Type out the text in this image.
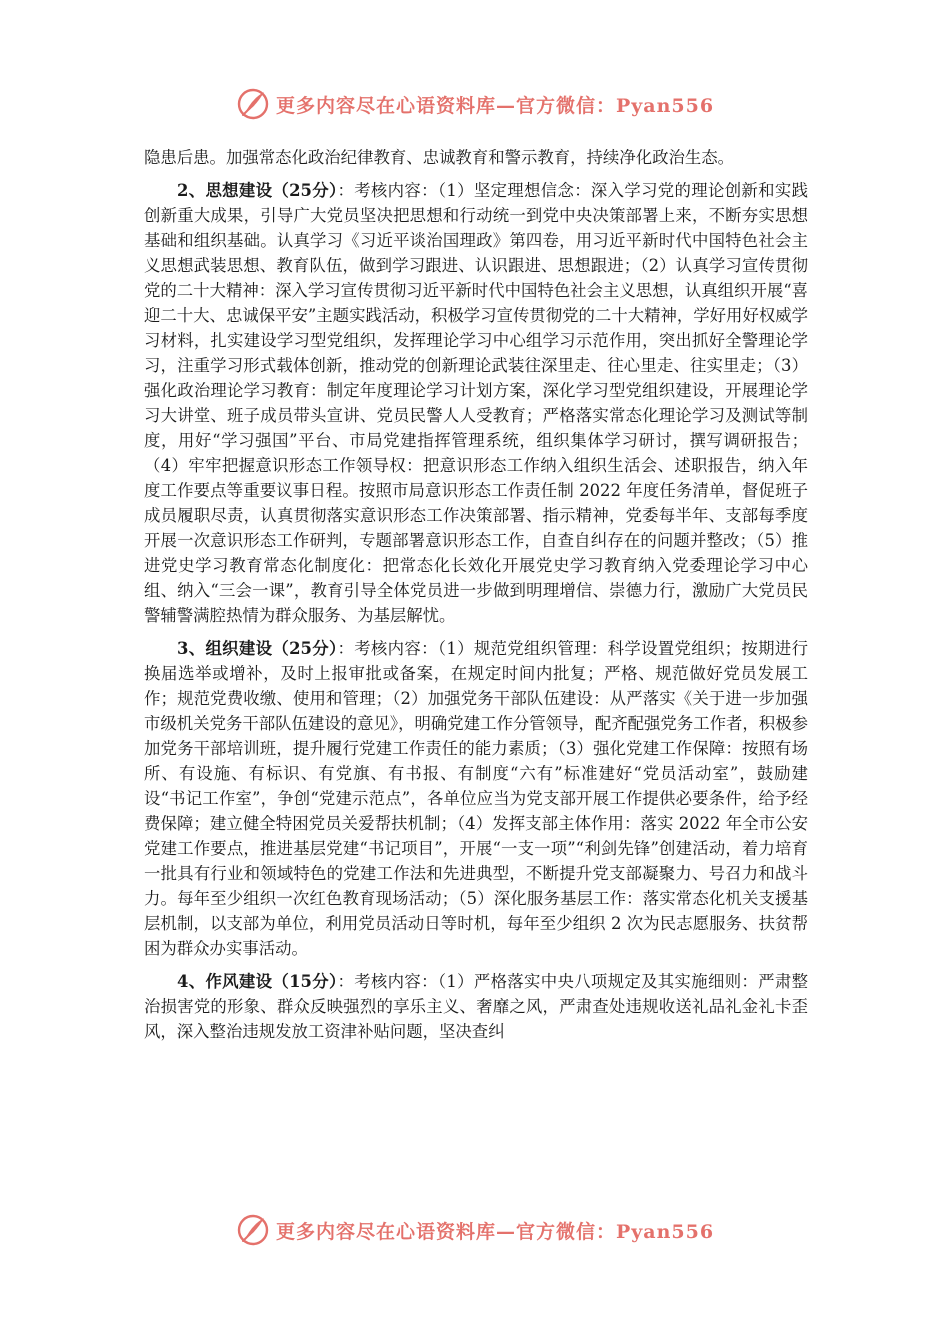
更多内容尽在心语资料库—官方微信：Pyan556

隐患后患。加强常态化政治纪律教育、忠诚教育和警示教育，持续净化政治生态。

2、思想建设（25分）：考核内容：（1）坚定理想信念：深入学习党的理论创新和实践创新重大成果，引导广大党员坚决把思想和行动统一到党中央决策部署上来，不断夯实思想基础和组织基础。认真学习《习近平谈治国理政》第四卷，用习近平新时代中国特色社会主义思想武装思想、教育队伍，做到学习跟进、认识跟进、思想跟进；（2）认真学习宣传贯彻党的二十大精神：深入学习宣传贯彻习近平新时代中国特色社会主义思想，认真组织开展“喜迎二十大、忠诚保平安”主题实践活动，积极学习宣传贯彻党的二十大精神，学好用好权威学习材料，扎实建设学习型党组织，发挥理论学习中心组学习示范作用，突出抓好全警理论学习，注重学习形式载体创新，推动党的创新理论武装往深里走、往心里走、往实里走；（3）强化政治理论学习教育：制定年度理论学习计划方案，深化学习型党组织建设，开展理论学习大讲堂、班子成员带头宣讲、党员民警人人受教育；严格落实常态化理论学习及测试等制度，用好“学习强国”平台、市局党建指挥管理系统，组织集体学习研讨，撰写调研报告；（4）牢牢把握意识形态工作领导权：把意识形态工作纳入组织生活会、述职报告，纳入年度工作要点等重要议事日程。按照市局意识形态工作责任制 2022 年度任务清单，督促班子成员履职尽责，认真贯彻落实意识形态工作决策部署、指示精神，党委每半年、支部每季度开展一次意识形态工作研判，专题部署意识形态工作，自查自纠存在的问题并整改；（5）推进党史学习教育常态化制度化：把常态化长效化开展党史学习教育纳入党委理论学习中心组、纳入“三会一课”，教育引导全体党员进一步做到明理增信、崇德力行，激励广大党员民警辅警满腔热情为群众服务、为基层解忧。

3、组织建设（25分）：考核内容：（1）规范党组织管理：科学设置党组织；按期进行换届选举或增补，及时上报审批或备案，在规定时间内批复；严格、规范做好党员发展工作；规范党费收缴、使用和管理；（2）加强党务干部队伍建设：从严落实《关于进一步加强市级机关党务干部队伍建设的意见》，明确党建工作分管领导，配齐配强党务工作者，积极参加党务干部培训班，提升履行党建工作责任的能力素质；（3）强化党建工作保障：按照有场所、有设施、有标识、有党旗、有书报、有制度“六有”标准建好“党员活动室”，鼓励建设“书记工作室”，争创“党建示范点”，各单位应当为党支部开展工作提供必要条件，给予经费保障；建立健全特困党员关爱帮扶机制；（4）发挥支部主体作用：落实 2022 年全市公安党建工作要点，推进基层党建“书记项目”，开展“一支一项”“利剑先锋”创建活动，着力培育一批具有行业和领域特色的党建工作法和先进典型，不断提升党支部凝聚力、号召力和战斗力。每年至少组织一次红色教育现场活动；（5）深化服务基层工作：落实常态化机关支援基层机制，以支部为单位，利用党员活动日等时机，每年至少组织 2 次为民志愿服务、扶贫帮困为群众办实事活动。

4、作风建设（15分）：考核内容：（1）严格落实中央八项规定及其实施细则：严肃整治损害党的形象、群众反映强烈的享乐主义、奢靡之风，严肃查处违规收送礼品礼金礼卡歪风，深入整治违规发放工资津补贴问题，坚决查纠

更多内容尽在心语资料库—官方微信：Pyan556
